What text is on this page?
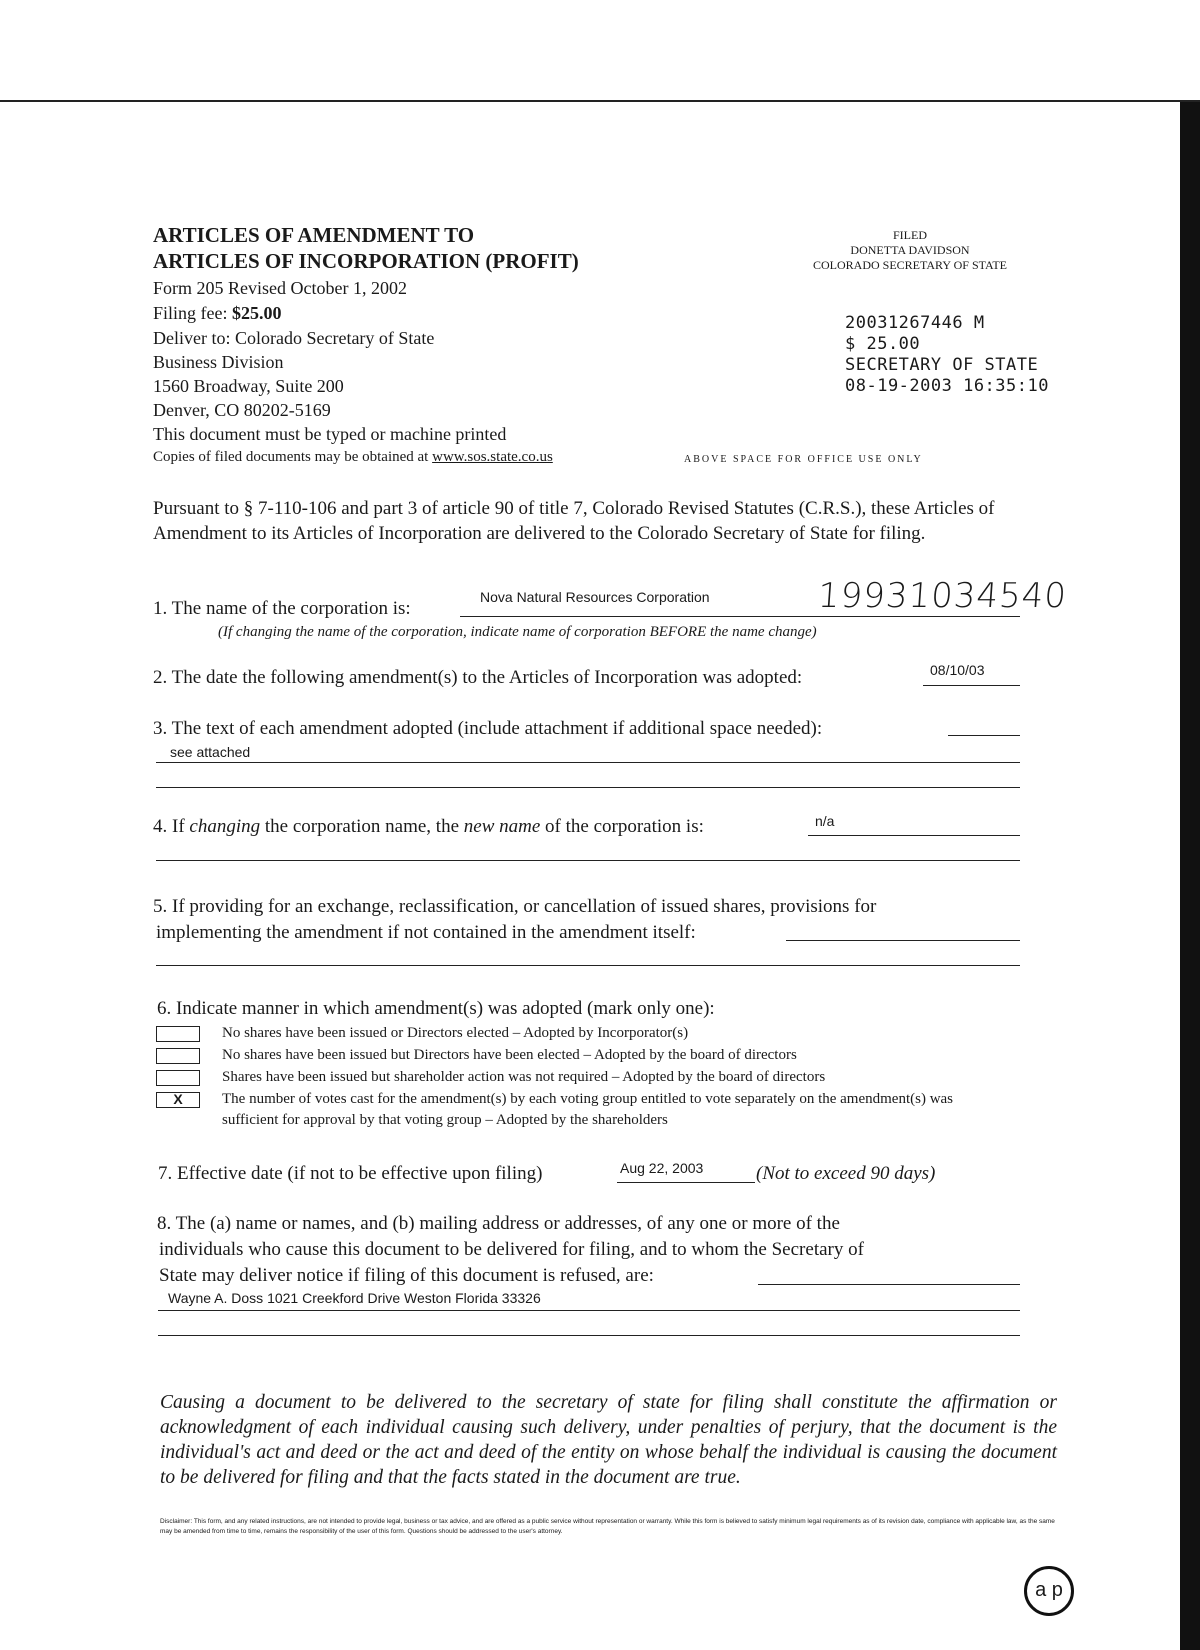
ARTICLES OF AMENDMENT TO
ARTICLES OF INCORPORATION (PROFIT)
Form 205 Revised October 1, 2002
Filing fee: $25.00
Deliver to: Colorado Secretary of State
Business Division
1560 Broadway, Suite 200
Denver, CO 80202-5169
This document must be typed or machine printed
Copies of filed documents may be obtained at www.sos.state.co.us	ABOVE SPACE FOR OFFICE USE ONLY
FILED
DONETTA DAVIDSON
COLORADO SECRETARY OF STATE
20031267446 M
$ 25.00
SECRETARY OF STATE
08-19-2003 16:35:10
Pursuant to § 7-110-106 and part 3 of article 90 of title 7, Colorado Revised Statutes (C.R.S.), these Articles of Amendment to its Articles of Incorporation are delivered to the Colorado Secretary of State for filing.
1. The name of the corporation is:
Nova Natural Resources Corporation	19931034540
(If changing the name of the corporation, indicate name of corporation BEFORE the name change)
2. The date the following amendment(s) to the Articles of Incorporation was adopted:	08/10/03
3. The text of each amendment adopted (include attachment if additional space needed):
see attached
4. If changing the corporation name, the new name of the corporation is:	n/a
5. If providing for an exchange, reclassification, or cancellation of issued shares, provisions for
implementing the amendment if not contained in the amendment itself:
6. Indicate manner in which amendment(s) was adopted (mark only one):
No shares have been issued or Directors elected – Adopted by Incorporator(s)
No shares have been issued but Directors have been elected – Adopted by the board of directors
Shares have been issued but shareholder action was not required – Adopted by the board of directors
X	The number of votes cast for the amendment(s) by each voting group entitled to vote separately on the amendment(s) was sufficient for approval by that voting group – Adopted by the shareholders
7. Effective date (if not to be effective upon filing)	Aug 22, 2003	(Not to exceed 90 days)
8. The (a) name or names, and (b) mailing address or addresses, of any one or more of the
individuals who cause this document to be delivered for filing, and to whom the Secretary of
State may deliver notice if filing of this document is refused, are:
Wayne A. Doss 1021 Creekford Drive Weston Florida 33326
Causing a document to be delivered to the secretary of state for filing shall constitute the affirmation or acknowledgment of each individual causing such delivery, under penalties of perjury, that the document is the individual's act and deed or the act and deed of the entity on whose behalf the individual is causing the document to be delivered for filing and that the facts stated in the document are true.
Disclaimer: This form, and any related instructions, are not intended to provide legal, business or tax advice, and are offered as a public service without representation or warranty. While this form is believed to satisfy minimum legal requirements as of its revision date, compliance with applicable law, as the same may be amended from time to time, remains the responsibility of the user of this form. Questions should be addressed to the user's attorney.
a p
